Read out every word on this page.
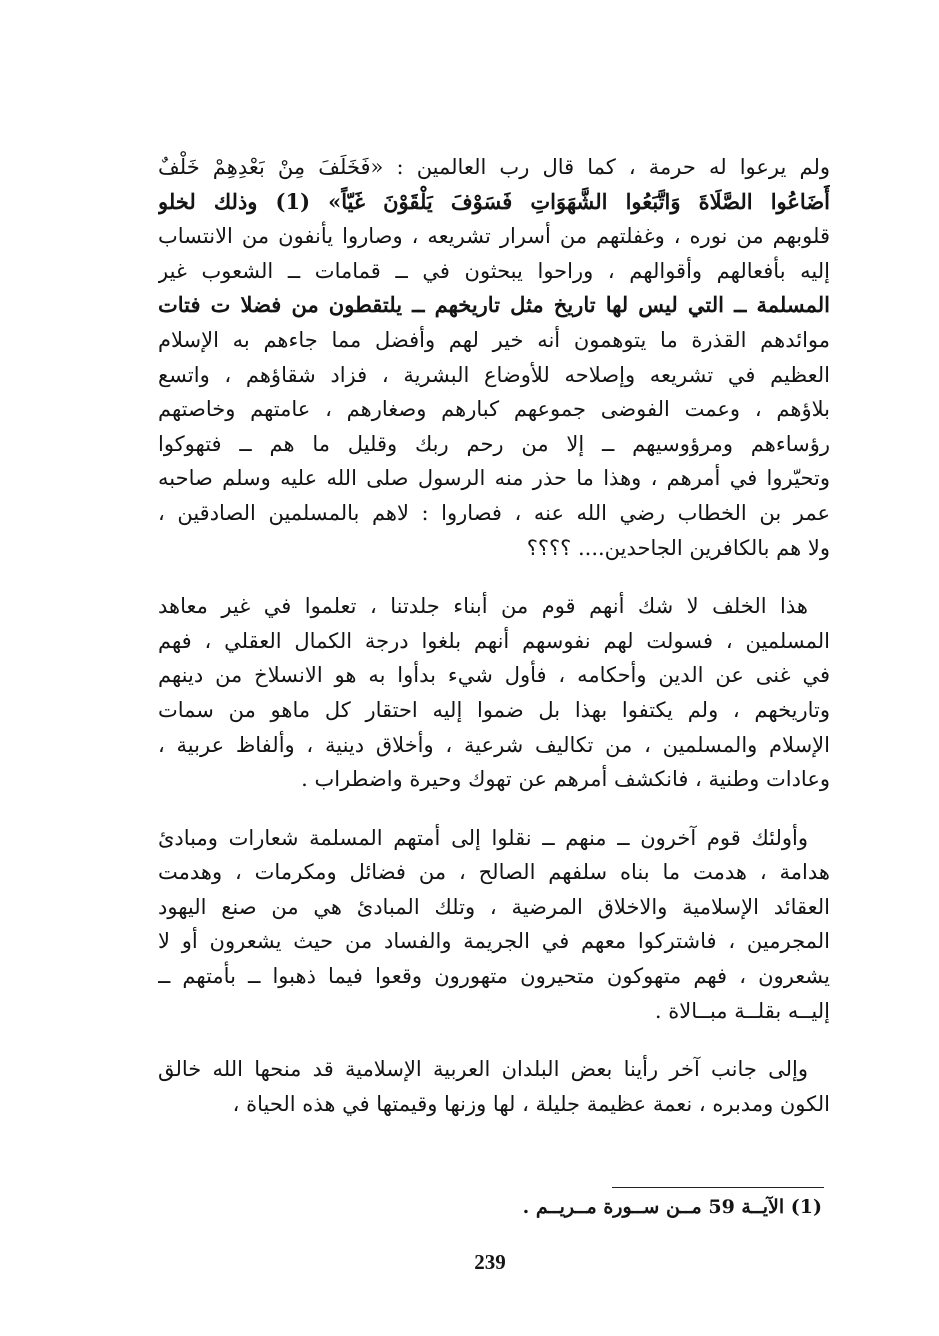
ولم يرعوا له حرمة ، كما قال رب العالمين : «فَخَلَفَ مِنْ بَعْدِهِمْ خَلْفٌ
أَضَاعُوا الصَّلَاةَ وَاتَّبَعُوا الشَّهَوَاتِ فَسَوْفَ يَلْقَوْنَ غَيّاً» (1) وذلك لخلو
قلوبهم من نوره ، وغفلتهم من أسرار تشريعه ، وصاروا يأنفون من الانتساب
إليه بأفعالهم وأقوالهم ، وراحوا يبحثون في ــ قمامات ــ الشعوب غير
المسلمة ــ التي ليس لها تاريخ مثل تاريخهم ــ يلتقطون من فضلا ت فتات
موائدهم القذرة ما يتوهمون أنه خير لهم وأفضل مما جاءهم به الإسلام
العظيم في تشريعه وإصلاحه للأوضاع البشرية ، فزاد شقاؤهم ، واتسع
بلاؤهم ، وعمت الفوضى جموعهم كبارهم وصغارهم ، عامتهم وخاصتهم
رؤساءهم ومرؤوسيهم ــ إلا من رحم ربك وقليل ما هم ــ فتهوكوا
وتحيّروا في أمرهم ، وهذا ما حذر منه الرسول صلى الله عليه وسلم صاحبه
عمر بن الخطاب رضي الله عنه ، فصاروا : لاهم بالمسلمين الصادقين ،
ولا هم بالكافرين الجاحدين.... ؟؟؟؟

هذا الخلف لا شك أنهم قوم من أبناء جلدتنا ، تعلموا في غير معاهد
المسلمين ، فسولت لهم نفوسهم أنهم بلغوا درجة الكمال العقلي ، فهم
في غنى عن الدين وأحكامه ، فأول شيء بدأوا به هو الانسلاخ من دينهم
وتاريخهم ، ولم يكتفوا بهذا بل ضموا إليه احتقار كل ماهو من سمات
الإسلام والمسلمين ، من تكاليف شرعية ، وأخلاق دينية ، وألفاظ عربية ،
وعادات وطنية ، فانكشف أمرهم عن تهوك وحيرة واضطراب .

وأولئك قوم آخرون ــ منهم ــ نقلوا إلى أمتهم المسلمة شعارات ومبادئ
هدامة ، هدمت ما بناه سلفهم الصالح ، من فضائل ومكرمات ، وهدمت
العقائد الإسلامية والاخلاق المرضية ، وتلك المبادئ هي من صنع اليهود
المجرمين ، فاشتركوا معهم في الجريمة والفساد من حيث يشعرون أو لا
يشعرون ، فهم متهوكون متحيرون متهورون وقعوا فيما ذهبوا ــ بأمتهم ــ
إليــه بقلــة مبــالاة .

وإلى جانب آخر رأينا بعض البلدان العربية الإسلامية قد منحها الله خالق
الكون ومدبره ، نعمة عظيمة جليلة ، لها وزنها وقيمتها في هذه الحياة ،

(1) الآيــة 59 مــن ســورة مــريــم .
239
